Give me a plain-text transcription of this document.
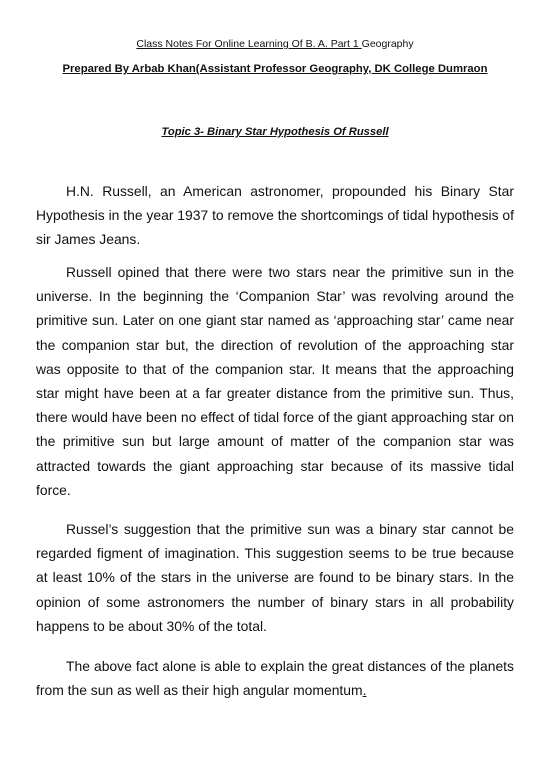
Class Notes For Online Learning Of B. A. Part 1 Geography
Prepared By Arbab Khan(Assistant Professor Geography, DK College Dumraon
Topic 3- Binary Star Hypothesis Of Russell

H.N. Russell, an American astronomer, propounded his Binary Star Hypothesis in the year 1937 to remove the shortcomings of tidal hypothesis of sir James Jeans.

Russell opined that there were two stars near the primitive sun in the universe. In the beginning the ‘Companion Star’ was revolving around the primitive sun. Later on one giant star named as ‘approaching star’ came near the companion star but, the direction of revolution of the approaching star was opposite to that of the companion star. It means that the approaching star might have been at a far greater distance from the primitive sun. Thus, there would have been no effect of tidal force of the giant approaching star on the primitive sun but large amount of matter of the companion star was attracted towards the giant approaching star because of its massive tidal force.

Russel’s suggestion that the primitive sun was a binary star cannot be regarded figment of imagination. This suggestion seems to be true because at least 10% of the stars in the universe are found to be binary stars. In the opinion of some astronomers the number of binary stars in all probability happens to be about 30% of the total.

The above fact alone is able to explain the great distances of the planets from the sun as well as their high angular momentum.
